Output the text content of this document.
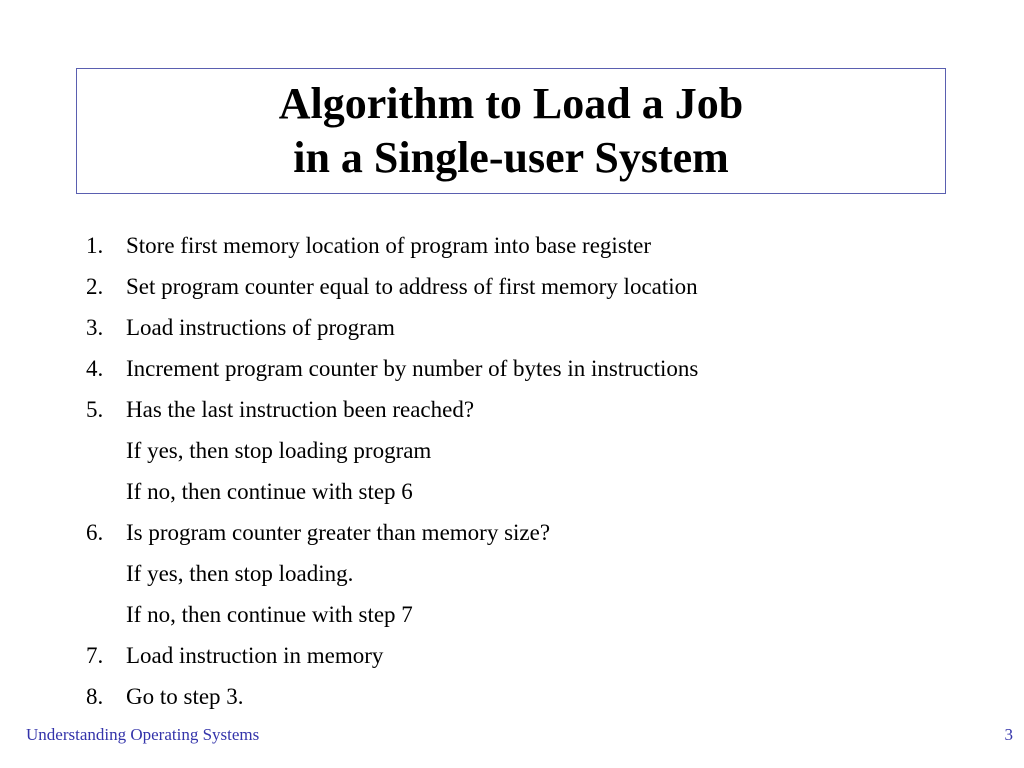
Algorithm to Load a Job
in a Single-user System
1. Store first memory location of program into base register
2. Set program counter equal to address of first memory location
3. Load instructions of program
4. Increment program counter by number of bytes in instructions
5. Has the last instruction been reached?
If yes, then stop loading program
If no, then continue with step 6
6. Is program counter greater than memory size?
If yes, then stop loading.
If no, then continue with step 7
7. Load instruction in memory
8. Go to step 3.
Understanding Operating Systems	3
